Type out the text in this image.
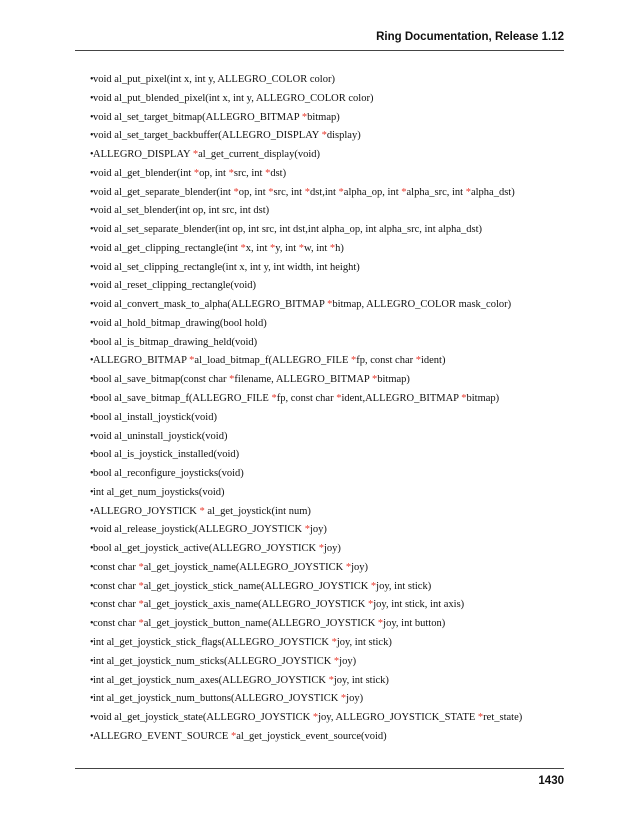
Ring Documentation, Release 1.12
• void al_put_pixel(int x, int y, ALLEGRO_COLOR color)
• void al_put_blended_pixel(int x, int y, ALLEGRO_COLOR color)
• void al_set_target_bitmap(ALLEGRO_BITMAP *bitmap)
• void al_set_target_backbuffer(ALLEGRO_DISPLAY *display)
• ALLEGRO_DISPLAY *al_get_current_display(void)
• void al_get_blender(int *op, int *src, int *dst)
• void al_get_separate_blender(int *op, int *src, int *dst,int *alpha_op, int *alpha_src, int *alpha_dst)
• void al_set_blender(int op, int src, int dst)
• void al_set_separate_blender(int op, int src, int dst,int alpha_op, int alpha_src, int alpha_dst)
• void al_get_clipping_rectangle(int *x, int *y, int *w, int *h)
• void al_set_clipping_rectangle(int x, int y, int width, int height)
• void al_reset_clipping_rectangle(void)
• void al_convert_mask_to_alpha(ALLEGRO_BITMAP *bitmap, ALLEGRO_COLOR mask_color)
• void al_hold_bitmap_drawing(bool hold)
• bool al_is_bitmap_drawing_held(void)
• ALLEGRO_BITMAP *al_load_bitmap_f(ALLEGRO_FILE *fp, const char *ident)
• bool al_save_bitmap(const char *filename, ALLEGRO_BITMAP *bitmap)
• bool al_save_bitmap_f(ALLEGRO_FILE *fp, const char *ident,ALLEGRO_BITMAP *bitmap)
• bool al_install_joystick(void)
• void al_uninstall_joystick(void)
• bool al_is_joystick_installed(void)
• bool al_reconfigure_joysticks(void)
• int al_get_num_joysticks(void)
• ALLEGRO_JOYSTICK * al_get_joystick(int num)
• void al_release_joystick(ALLEGRO_JOYSTICK *joy)
• bool al_get_joystick_active(ALLEGRO_JOYSTICK *joy)
• const char *al_get_joystick_name(ALLEGRO_JOYSTICK *joy)
• const char *al_get_joystick_stick_name(ALLEGRO_JOYSTICK *joy, int stick)
• const char *al_get_joystick_axis_name(ALLEGRO_JOYSTICK *joy, int stick, int axis)
• const char *al_get_joystick_button_name(ALLEGRO_JOYSTICK *joy, int button)
• int al_get_joystick_stick_flags(ALLEGRO_JOYSTICK *joy, int stick)
• int al_get_joystick_num_sticks(ALLEGRO_JOYSTICK *joy)
• int al_get_joystick_num_axes(ALLEGRO_JOYSTICK *joy, int stick)
• int al_get_joystick_num_buttons(ALLEGRO_JOYSTICK *joy)
• void al_get_joystick_state(ALLEGRO_JOYSTICK *joy, ALLEGRO_JOYSTICK_STATE *ret_state)
• ALLEGRO_EVENT_SOURCE *al_get_joystick_event_source(void)
1430
